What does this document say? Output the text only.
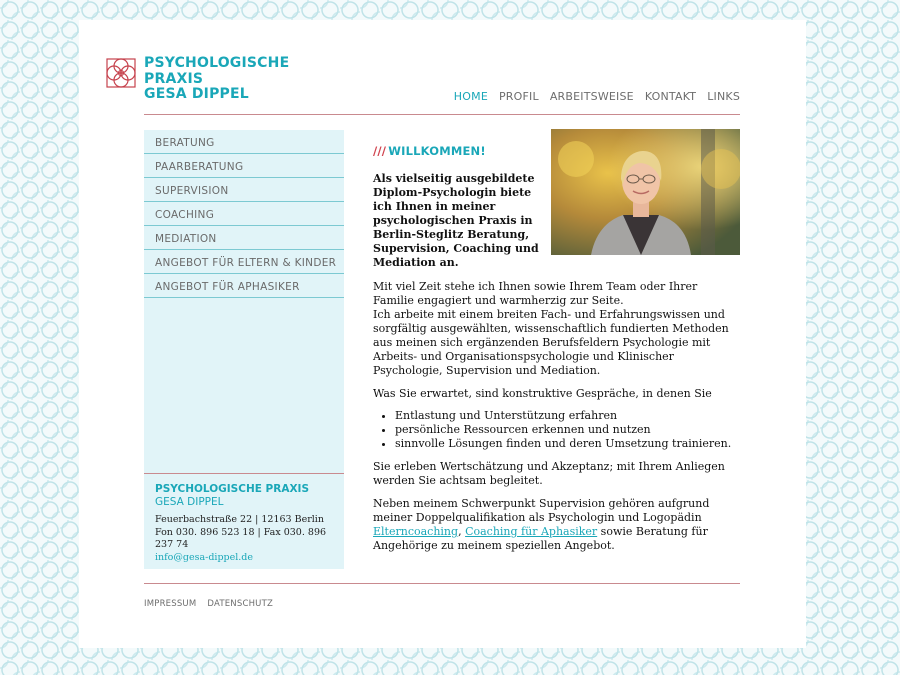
PSYCHOLOGISCHE
PRAXIS
GESA DIPPEL	HOME PROFIL ARBEITSWEISE KONTAKT LINKS
BERATUNG
PAARBERATUNG
SUPERVISION
COACHING
MEDIATION
ANGEBOT FÜR ELTERN & KINDER
ANGEBOT FÜR APHASIKER
PSYCHOLOGISCHE PRAXIS
GESA DIPPEL
Feuerbachstraße 22 | 12163 Berlin
Fon 030. 896 523 18 | Fax 030. 896 237 74
info@gesa-dippel.de
/// WILLKOMMEN!
Als vielseitig ausgebildete Diplom-Psychologin biete ich Ihnen in meiner psychologischen Praxis in Berlin-Steglitz Beratung, Supervision, Coaching und Mediation an.

Mit viel Zeit stehe ich Ihnen sowie Ihrem Team oder Ihrer Familie engagiert und warmherzig zur Seite.

Ich arbeite mit einem breiten Fach- und Erfahrungswissen und sorgfältig ausgewählten, wissenschaftlich fundierten Methoden aus meinen sich ergänzenden Berufsfeldern Psychologie mit Arbeits- und Organisationspsychologie und Klinischer Psychologie, Supervision und Mediation.

Was Sie erwartet, sind konstruktive Gespräche, in denen Sie

• Entlastung und Unterstützung erfahren
• persönliche Ressourcen erkennen und nutzen
• sinnvolle Lösungen finden und deren Umsetzung trainieren.

Sie erleben Wertschätzung und Akzeptanz; mit Ihrem Anliegen werden Sie achtsam begleitet.

Neben meinem Schwerpunkt Supervision gehören aufgrund meiner Doppelqualifikation als Psychologin und Logopädin Elterncoaching, Coaching für Aphasiker sowie Beratung für Angehörige zu meinem speziellen Angebot.

IMPRESSUM DATENSCHUTZ
